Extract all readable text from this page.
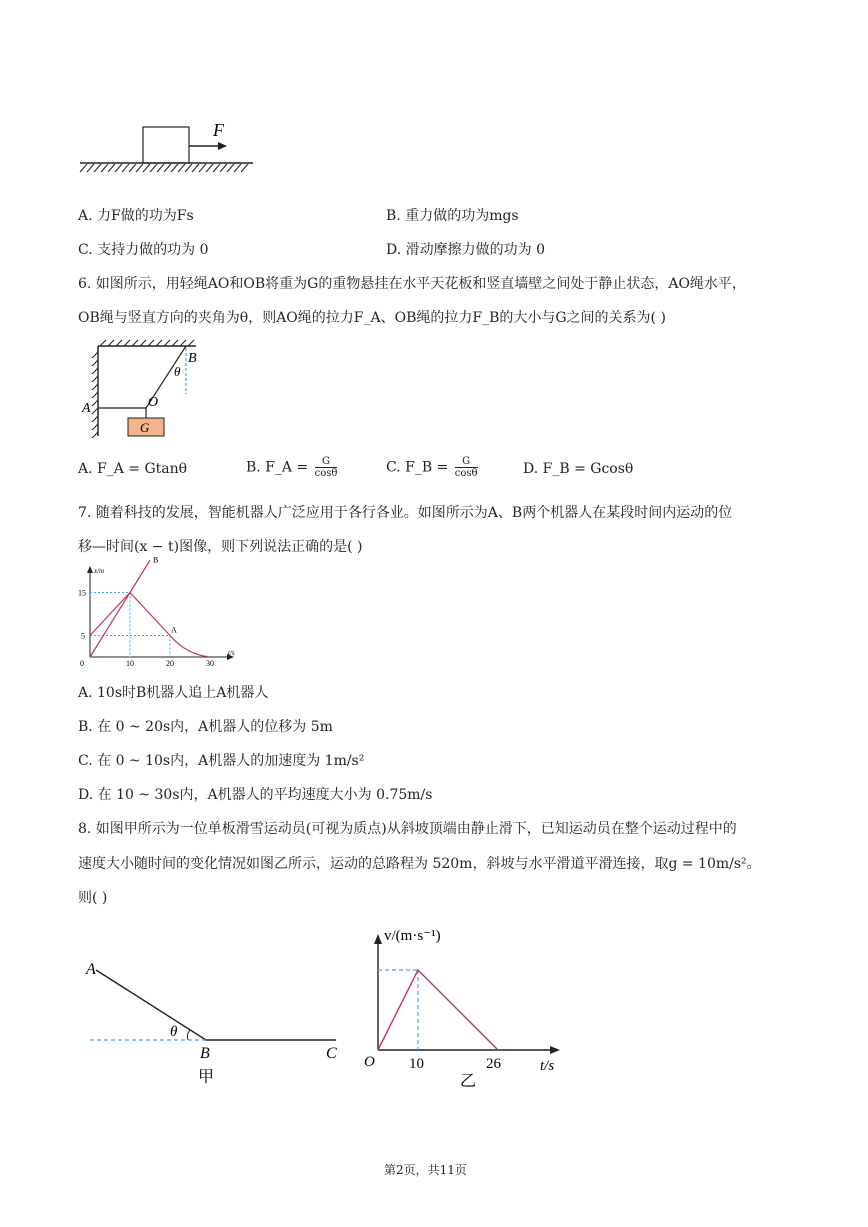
F
A. 力F做的功为Fs	B. 重力做的功为mgs
C. 支持力做的功为 0	D. 滑动摩擦力做的功为 0
6. 如图所示，用轻绳AO和OB将重为G的重物悬挂在水平天花板和竖直墙壁之间处于静止状态，AO绳水平，
OB绳与竖直方向的夹角为θ，则AO绳的拉力F_A、OB绳的拉力F_B的大小与G之间的关系为( )
G
A	O
B
θ
A. F_A = Gtanθ	B. F_A = $\frac{G}{\cos\theta}$	C. F_B = $\frac{G}{\cos\theta}$	D. F_B = Gcosθ
7. 随着科技的发展，智能机器人广泛应用于各行各业。如图所示为A、B两个机器人在某段时间内运动的位
移—时间(x − t)图像，则下列说法正确的是( )
A
B
0	10	20	30
5
15
x/m
t/s
A. 10s时B机器人追上A机器人
B. 在 0 ~ 20s内，A机器人的位移为 5m
C. 在 0 ~ 10s内，A机器人的加速度为 1m/s²
D. 在 10 ~ 30s内，A机器人的平均速度大小为 0.75m/s
8. 如图甲所示为一位单板滑雪运动员(可视为质点)从斜坡顶端由静止滑下，已知运动员在整个运动过程中的
速度大小随时间的变化情况如图乙所示，运动的总路程为 520m，斜坡与水平滑道平滑连接，取g = 10m/s²。
则( )
A
θ
B	C
甲
v/(m·s⁻¹)
O 10	26	t/s
乙
第2页，共11页
